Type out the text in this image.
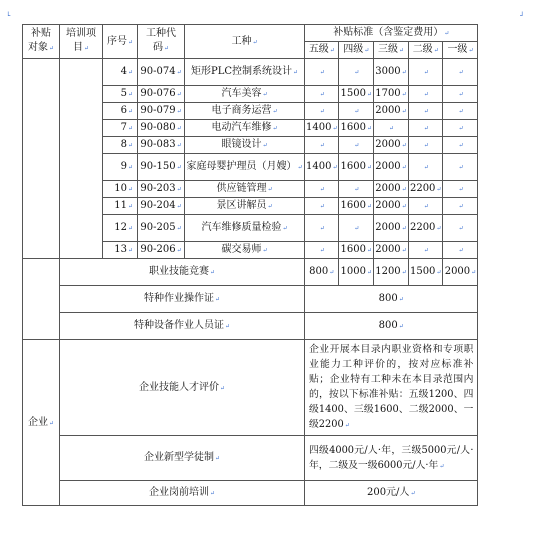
└	┘
补贴对象↵	培训项目↵	序号↵	工种代码↵	工种↵	补贴标准（含鉴定费用）↵				
					五级↵	四级↵	三级↵	二级↵	一级↵
		4↵	90-074↵	矩形PLC控制系统设计↵	↵	↵	3000↵	↵	↵
		5↵	90-076↵	汽车美容↵	↵	1500↵	1700↵	↵	↵
		6↵	90-079↵	电子商务运营↵	↵	↵	2000↵	↵	↵
		7↵	90-080↵	电动汽车维修↵	1400↵	1600↵	↵	↵	↵
		8↵	90-083↵	眼镜设计↵	↵	↵	2000↵	↵	↵
		9↵	90-150↵	家庭母婴护理员（月嫂）↵	1400↵	1600↵	2000↵	↵	↵
		10↵	90-203↵	供应链管理↵	↵	↵	2000↵	2200↵	↵
		11↵	90-204↵	景区讲解员↵	↵	1600↵	2000↵	↵	↵
		12↵	90-205↵	汽车维修质量检验↵	↵	↵	2000↵	2200↵	↵
		13↵	90-206↵	碳交易师↵	↵	1600↵	2000↵	↵	↵
	职业技能竞赛↵				800↵	1000↵	1200↵	1500↵	2000↵
	特种作业操作证↵				800↵				
	特种设备作业人员证↵				800↵				
企业↵	企业技能人才评价↵				企业开展本目录内职业资格和专项职业能力工种评价的，按对应标准补贴；企业特有工种未在本目录范围内的，按以下标准补贴：五级1200、四级1400、三级1600、二级2000、一级2200↵				
	企业新型学徒制↵				四级4000元/人·年，三级5000元/人·年，二级及一级6000元/人·年↵				
	企业岗前培训↵				200元/人↵				
